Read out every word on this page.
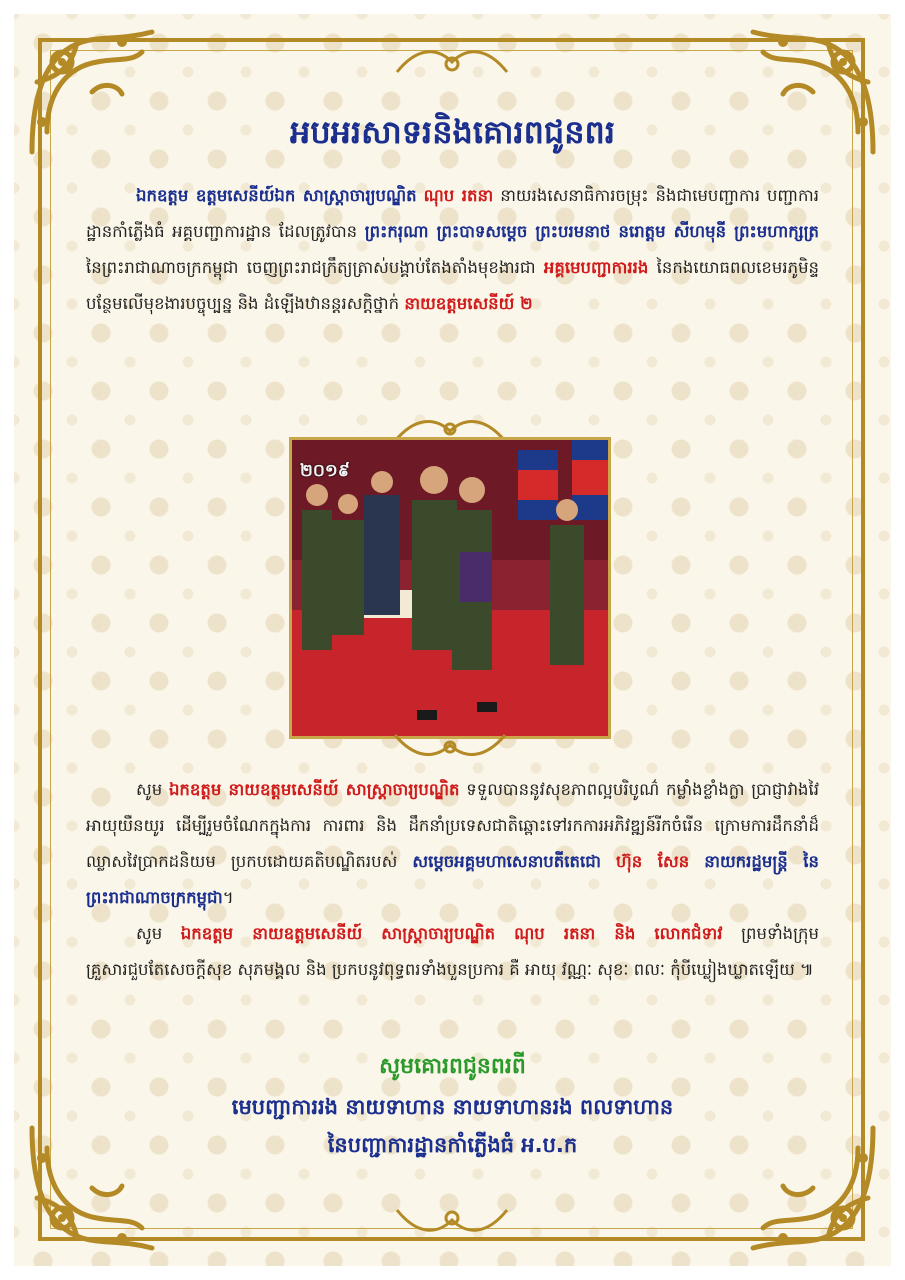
អបអរសាទរនិងគោរពជូនពរ
ឯកឧត្តម ឧត្តមសេនីយ៍ឯក សាស្ត្រាចារ្យបណ្ឌិត ណុប រតនា នាយរងសេនាធិការចម្រុះ និងជាមេបញ្ជាការ បញ្ជាការដ្ឋានកាំភ្លើងធំ អគ្គបញ្ជាការដ្ឋាន ដែលត្រូវបាន ព្រះករុណា ព្រះបាទសម្តេច ព្រះបរមនាថ នរោត្តម សីហមុនី ព្រះមហាក្សត្រ នៃព្រះរាជាណាចក្រកម្ពុជា ចេញព្រះរាជក្រឹត្យត្រាស់បង្គាប់តែងតាំងមុខងារជា អគ្គមេបញ្ជាការរង នៃកងយោធពលខេមរភូមិន្ទ បន្ថែមលើមុខងារបច្ចុប្បន្ន និង ដំឡើងឋានន្តរសក្តិថ្នាក់ នាយឧត្តមសេនីយ៍ ២
២០១៩
សូម ឯកឧត្តម នាយឧត្តមសេនីយ៍ សាស្ត្រាចារ្យបណ្ឌិត ទទួលបាននូវសុខភាពល្អបរិបូណ៌ កម្លាំងខ្លាំងក្លា ប្រាជ្ញាវាងវៃ អាយុយឺនយូរ ដើម្បីរួមចំណែកក្នុងការ ការពារ និង ដឹកនាំប្រទេសជាតិឆ្ពោះទៅរកការអភិវឌ្ឍន៍រីកចំរើន ក្រោមការដឹកនាំដ៏ឈ្លាសវៃប្រាកដនិយម ប្រកបដោយគតិបណ្ឌិតរបស់ សម្តេចអគ្គមហាសេនាបតីតេជោ ហ៊ុន សែន នាយករដ្ឋមន្ត្រី នៃព្រះរាជាណាចក្រកម្ពុជា។
សូម ឯកឧត្តម នាយឧត្តមសេនីយ៍ សាស្ត្រាចារ្យបណ្ឌិត ណុប រតនា និង លោកជំទាវ ព្រមទាំងក្រុមគ្រួសារជួបតែសេចក្តីសុខ សុភមង្គល និង ប្រកបនូវពុទ្ធពរទាំងបួនប្រការ គឺ អាយុ វណ្ណៈ សុខៈ ពលៈ កុំបីឃ្លៀងឃ្លាតឡើយ ៕
សូមគោរពជូនពរពី
មេបញ្ជាការរង នាយទាហាន នាយទាហានរង ពលទាហាន
នៃបញ្ជាការដ្ឋានកាំភ្លើងធំ អ.ប.ក
